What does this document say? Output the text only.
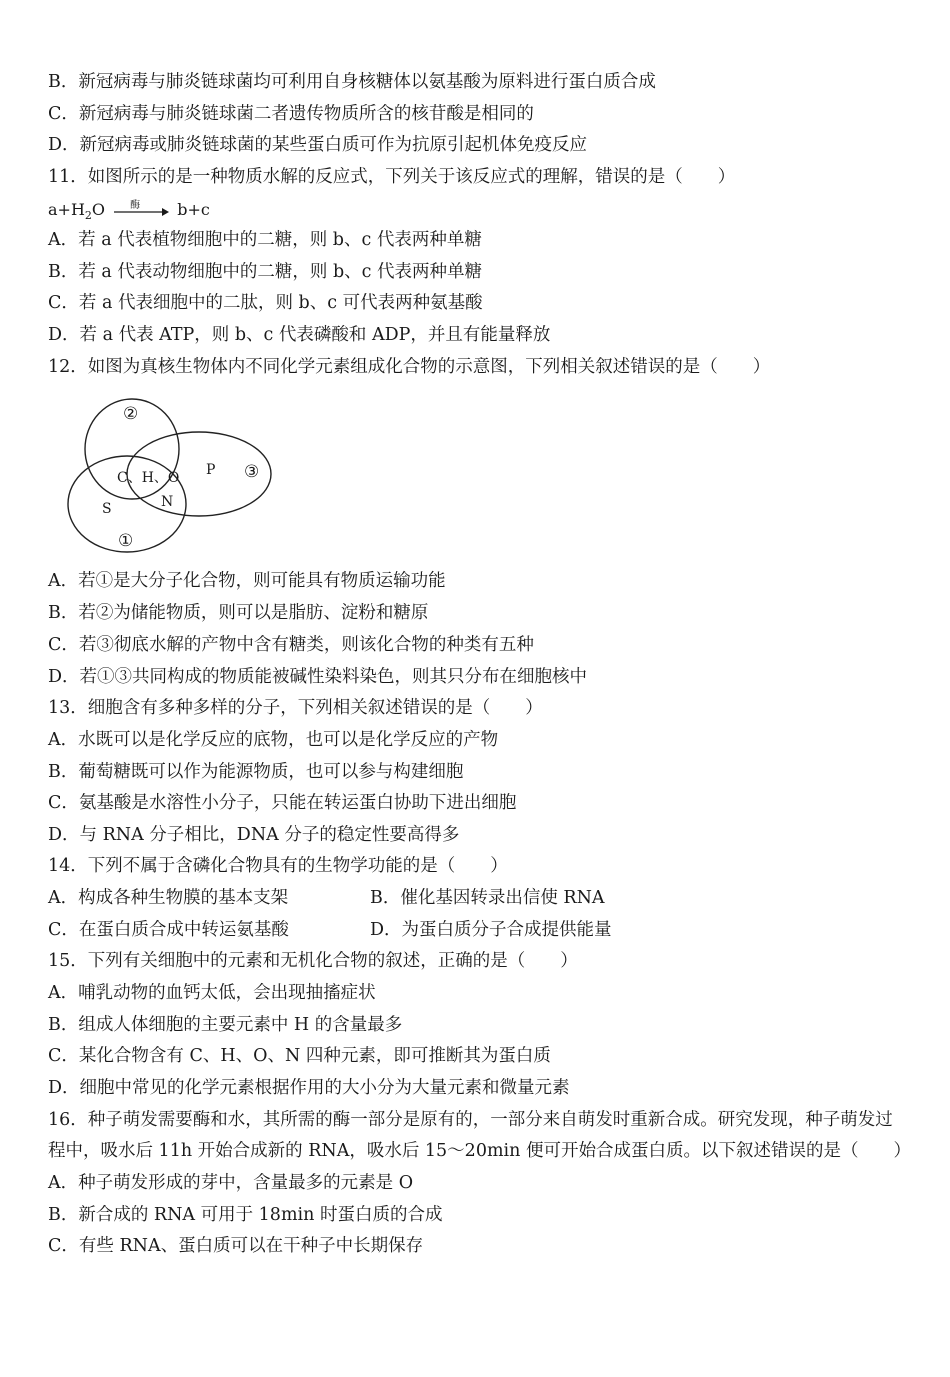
B．新冠病毒与肺炎链球菌均可利用自身核糖体以氨基酸为原料进行蛋白质合成
C．新冠病毒与肺炎链球菌二者遗传物质所含的核苷酸是相同的
D．新冠病毒或肺炎链球菌的某些蛋白质可作为抗原引起机体免疫反应
11．如图所示的是一种物质水解的反应式，下列关于该反应式的理解，错误的是（　　）
$a+H_2O$	酶 b+c
A．若 a 代表植物细胞中的二糖，则 b、c 代表两种单糖
B．若 a 代表动物细胞中的二糖，则 b、c 代表两种单糖
C．若 a 代表细胞中的二肽，则 b、c 可代表两种氨基酸
D．若 a 代表 ATP，则 b、c 代表磷酸和 ADP，并且有能量释放
12．如图为真核生物体内不同化学元素组成化合物的示意图，下列相关叙述错误的是（　　）
②
③
①
C、H、O
N
P
S
A．若①是大分子化合物，则可能具有物质运输功能
B．若②为储能物质，则可以是脂肪、淀粉和糖原
C．若③彻底水解的产物中含有糖类，则该化合物的种类有五种
D．若①③共同构成的物质能被碱性染料染色，则其只分布在细胞核中
13．细胞含有多种多样的分子，下列相关叙述错误的是（　　）
A．水既可以是化学反应的底物，也可以是化学反应的产物
B．葡萄糖既可以作为能源物质，也可以参与构建细胞
C．氨基酸是水溶性小分子，只能在转运蛋白协助下进出细胞
D．与 RNA 分子相比，DNA 分子的稳定性要高得多
14．下列不属于含磷化合物具有的生物学功能的是（　　）
A．构成各种生物膜的基本支架	B．催化基因转录出信使 RNA
C．在蛋白质合成中转运氨基酸	D．为蛋白质分子合成提供能量
15．下列有关细胞中的元素和无机化合物的叙述，正确的是（　　）
A．哺乳动物的血钙太低，会出现抽搐症状
B．组成人体细胞的主要元素中 H 的含量最多
C．某化合物含有 C、H、O、N 四种元素，即可推断其为蛋白质
D．细胞中常见的化学元素根据作用的大小分为大量元素和微量元素
16．种子萌发需要酶和水，其所需的酶一部分是原有的，一部分来自萌发时重新合成。研究发现，种子萌发过
程中，吸水后 11h 开始合成新的 RNA，吸水后 15～20min 便可开始合成蛋白质。以下叙述错误的是（　　）
A．种子萌发形成的芽中，含量最多的元素是 O
B．新合成的 RNA 可用于 18min 时蛋白质的合成
C．有些 RNA、蛋白质可以在干种子中长期保存
